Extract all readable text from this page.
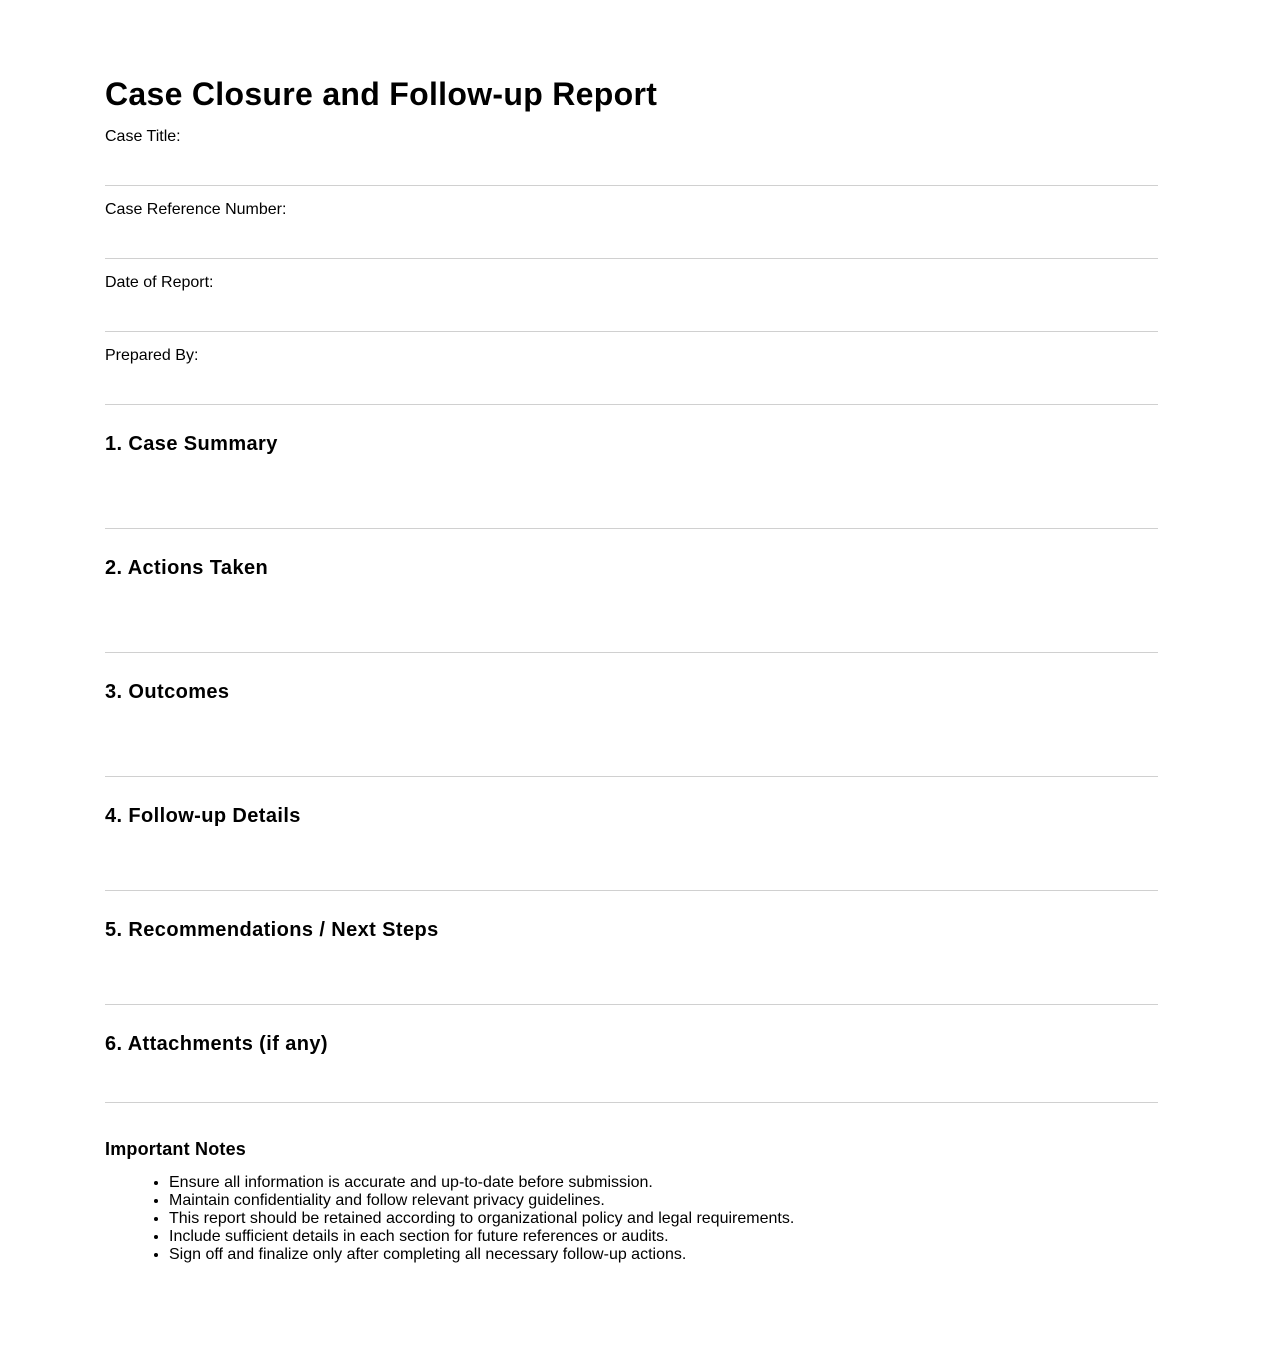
Case Closure and Follow-up Report
Case Title:
Case Reference Number:
Date of Report:
Prepared By:
1. Case Summary
2. Actions Taken
3. Outcomes
4. Follow-up Details
5. Recommendations / Next Steps
6. Attachments (if any)
Important Notes
• Ensure all information is accurate and up-to-date before submission.
• Maintain confidentiality and follow relevant privacy guidelines.
• This report should be retained according to organizational policy and legal requirements.
• Include sufficient details in each section for future references or audits.
• Sign off and finalize only after completing all necessary follow-up actions.
